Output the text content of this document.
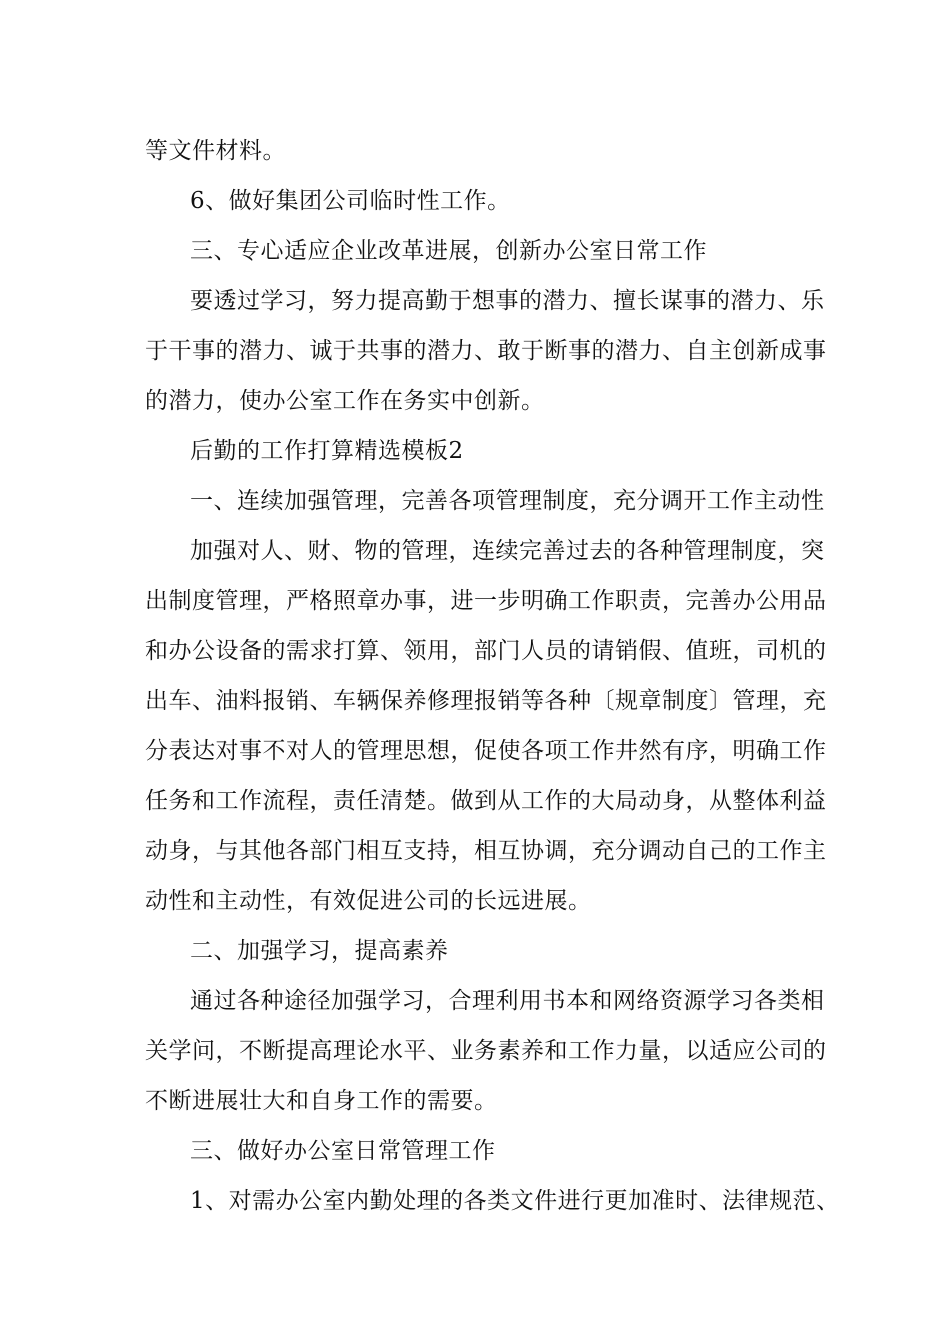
等文件材料。
6、做好集团公司临时性工作。
三、专心适应企业改革进展，创新办公室日常工作
要透过学习，努力提高勤于想事的潜力、擅长谋事的潜力、乐
于干事的潜力、诚于共事的潜力、敢于断事的潜力、自主创新成事
的潜力，使办公室工作在务实中创新。
后勤的工作打算精选模板2
一、连续加强管理，完善各项管理制度，充分调开工作主动性
加强对人、财、物的管理，连续完善过去的各种管理制度，突
出制度管理，严格照章办事，进一步明确工作职责，完善办公用品
和办公设备的需求打算、领用，部门人员的请销假、值班，司机的
出车、油料报销、车辆保养修理报销等各种〔规章制度〕管理，充
分表达对事不对人的管理思想，促使各项工作井然有序，明确工作
任务和工作流程，责任清楚。做到从工作的大局动身，从整体利益
动身，与其他各部门相互支持，相互协调，充分调动自己的工作主
动性和主动性，有效促进公司的长远进展。
二、加强学习，提高素养
通过各种途径加强学习，合理利用书本和网络资源学习各类相
关学问，不断提高理论水平、业务素养和工作力量，以适应公司的
不断进展壮大和自身工作的需要。
三、做好办公室日常管理工作
1、对需办公室内勤处理的各类文件进行更加准时、法律规范、
